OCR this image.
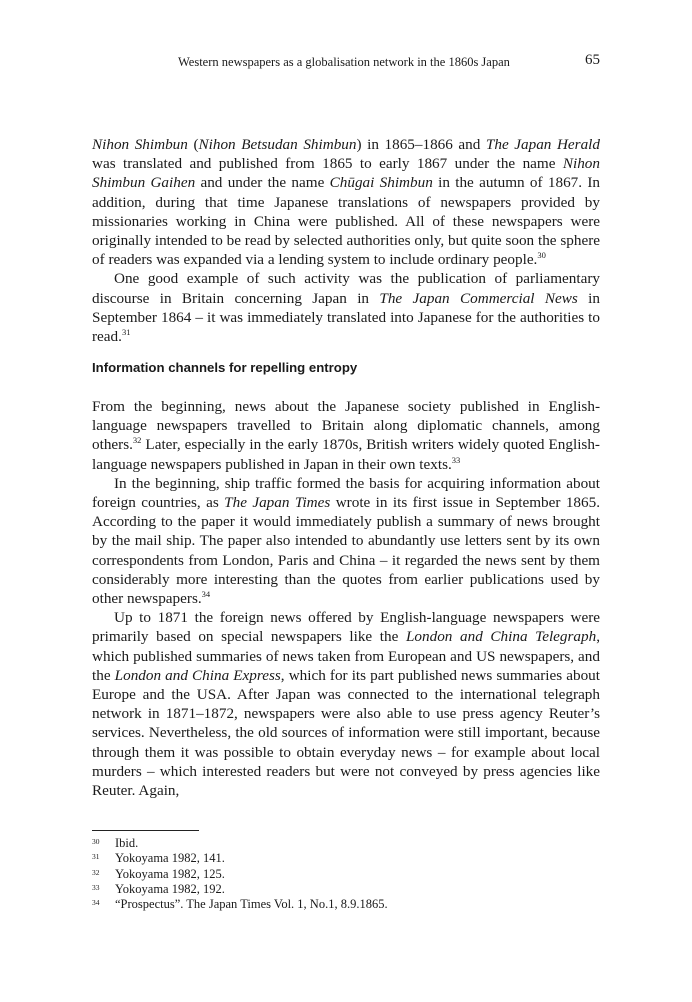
Western newspapers as a globalisation network in the 1860s Japan	65

Nihon Shimbun (Nihon Betsudan Shimbun) in 1865–1866 and The Japan Herald was translated and published from 1865 to early 1867 under the name Nihon Shimbun Gaihen and under the name Chūgai Shimbun in the autumn of 1867. In addition, during that time Japanese translations of newspapers provided by missionaries working in China were published. All of these newspapers were originally intended to be read by selected authorities only, but quite soon the sphere of readers was expanded via a lending system to include ordinary people.$^{30}$

One good example of such activity was the publication of parliamentary discourse in Britain concerning Japan in The Japan Commercial News in September 1864 – it was immediately translated into Japanese for the authorities to read.$^{31}$

Information channels for repelling entropy

From the beginning, news about the Japanese society published in English-language newspapers travelled to Britain along diplomatic channels, among others.$^{32}$ Later, especially in the early 1870s, British writers widely quoted English-language newspapers published in Japan in their own texts.$^{33}$

In the beginning, ship traffic formed the basis for acquiring information about foreign countries, as The Japan Times wrote in its first issue in September 1865. According to the paper it would immediately publish a summary of news brought by the mail ship. The paper also intended to abundantly use letters sent by its own correspondents from London, Paris and China – it regarded the news sent by them considerably more interesting than the quotes from earlier publications used by other newspapers.$^{34}$

Up to 1871 the foreign news offered by English-language newspapers were primarily based on special newspapers like the London and China Telegraph, which published summaries of news taken from European and US newspapers, and the London and China Express, which for its part published news summaries about Europe and the USA. After Japan was connected to the international telegraph network in 1871–1872, newspapers were also able to use press agency Reuter’s services. Nevertheless, the old sources of information were still important, because through them it was possible to obtain everyday news – for example about local murders – which interested readers but were not conveyed by press agencies like Reuter. Again,

30 Ibid.
31 Yokoyama 1982, 141.
32 Yokoyama 1982, 125.
33 Yokoyama 1982, 192.
34 “Prospectus”. The Japan Times Vol. 1, No.1, 8.9.1865.
